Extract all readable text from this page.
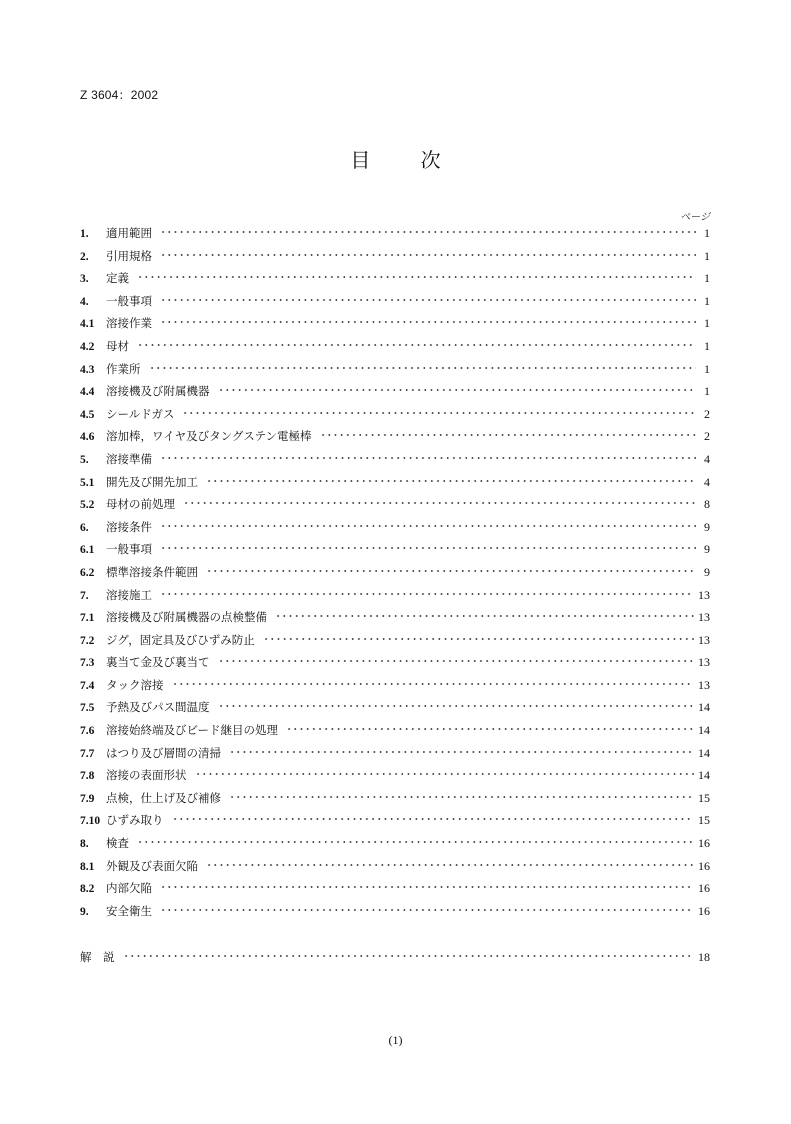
Z 3604：2002
目 次
ページ
1.	適用範囲	1
2.	引用規格	1
3.	定義	1
4.	一般事項	1
4.1	溶接作業	1
4.2	母材	1
4.3	作業所	1
4.4	溶接機及び附属機器	1
4.5	シールドガス	2
4.6	溶加棒，ワイヤ及びタングステン電極棒	2
5.	溶接準備	4
5.1	開先及び開先加工	4
5.2	母材の前処理	8
6.	溶接条件	9
6.1	一般事項	9
6.2	標準溶接条件範囲	9
7.	溶接施工	13
7.1	溶接機及び附属機器の点検整備	13
7.2	ジグ，固定具及びひずみ防止	13
7.3	裏当て金及び裏当て	13
7.4	タック溶接	13
7.5	予熱及びパス間温度	14
7.6	溶接始終端及びビード継目の処理	14
7.7	はつり及び層間の清掃	14
7.8	溶接の表面形状	14
7.9	点検，仕上げ及び補修	15
7.10 ひずみ取り	15
8.	検査	16
8.1	外観及び表面欠陥	16
8.2	内部欠陥	16
9.	安全衛生	16
解　説	18
(1)
